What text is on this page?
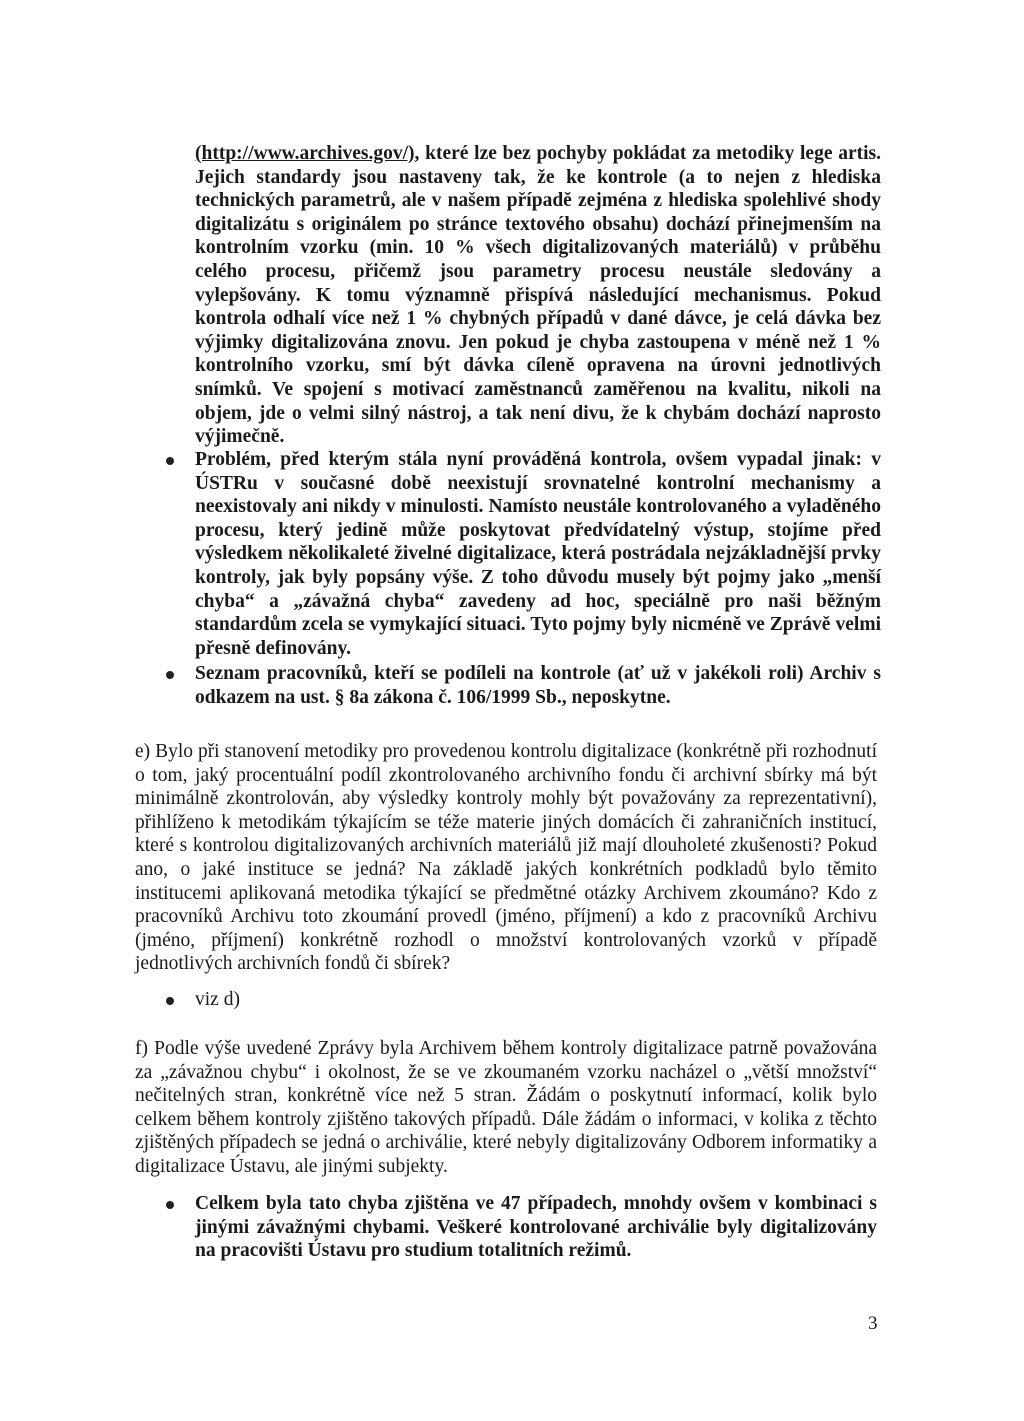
(http://www.archives.gov/), které lze bez pochyby pokládat za metodiky lege artis. Jejich standardy jsou nastaveny tak, že ke kontrole (a to nejen z hlediska technických parametrů, ale v našem případě zejména z hlediska spolehlivé shody digitalizátu s originálem po stránce textového obsahu) dochází přinejmenším na kontrolním vzorku (min. 10 % všech digitalizovaných materiálů) v průběhu celého procesu, přičemž jsou parametry procesu neustále sledovány a vylepšovány. K tomu významně přispívá následující mechanismus. Pokud kontrola odhalí více než 1 % chybných případů v dané dávce, je celá dávka bez výjimky digitalizována znovu. Jen pokud je chyba zastoupena v méně než 1 % kontrolního vzorku, smí být dávka cíleně opravena na úrovni jednotlivých snímků. Ve spojení s motivací zaměstnanců zaměřenou na kvalitu, nikoli na objem, jde o velmi silný nástroj, a tak není divu, že k chybám dochází naprosto výjimečně.

Problém, před kterým stála nyní prováděná kontrola, ovšem vypadal jinak: v ÚSTRu v současné době neexistují srovnatelné kontrolní mechanismy a neexistovaly ani nikdy v minulosti. Namísto neustále kontrolovaného a vyladěného procesu, který jedině může poskytovat předvídatelný výstup, stojíme před výsledkem několikaleté živelné digitalizace, která postrádala nejzákladnější prvky kontroly, jak byly popsány výše. Z toho důvodu musely být pojmy jako „menší chyba“ a „závažná chyba“ zavedeny ad hoc, speciálně pro naši běžným standardům zcela se vymykající situaci. Tyto pojmy byly nicméně ve Zprávě velmi přesně definovány.

Seznam pracovníků, kteří se podíleli na kontrole (ať už v jakékoli roli) Archiv s odkazem na ust. § 8a zákona č. 106/1999 Sb., neposkytne.

e) Bylo při stanovení metodiky pro provedenou kontrolu digitalizace (konkrétně při rozhodnutí o tom, jaký procentuální podíl zkontrolovaného archivního fondu či archivní sbírky má být minimálně zkontrolován, aby výsledky kontroly mohly být považovány za reprezentativní), přihlíženo k metodikám týkajícím se téže materie jiných domácích či zahraničních institucí, které s kontrolou digitalizovaných archivních materiálů již mají dlouholeté zkušenosti? Pokud ano, o jaké instituce se jedná? Na základě jakých konkrétních podkladů bylo těmito institucemi aplikovaná metodika týkající se předmětné otázky Archivem zkoumáno? Kdo z pracovníků Archivu toto zkoumání provedl (jméno, příjmení) a kdo z pracovníků Archivu (jméno, příjmení) konkrétně rozhodl o množství kontrolovaných vzorků v případě jednotlivých archivních fondů či sbírek?

viz d)

f) Podle výše uvedené Zprávy byla Archivem během kontroly digitalizace patrně považována za „závažnou chybu“ i okolnost, že se ve zkoumaném vzorku nacházel o „větší množství“ nečitelných stran, konkrétně více než 5 stran. Žádám o poskytnutí informací, kolik bylo celkem během kontroly zjištěno takových případů. Dále žádám o informaci, v kolika z těchto zjištěných případech se jedná o archiválie, které nebyly digitalizovány Odborem informatiky a digitalizace Ústavu, ale jinými subjekty.

Celkem byla tato chyba zjištěna ve 47 případech, mnohdy ovšem v kombinaci s jinými závažnými chybami. Veškeré kontrolované archiválie byly digitalizovány na pracovišti Ústavu pro studium totalitních režimů.

3
